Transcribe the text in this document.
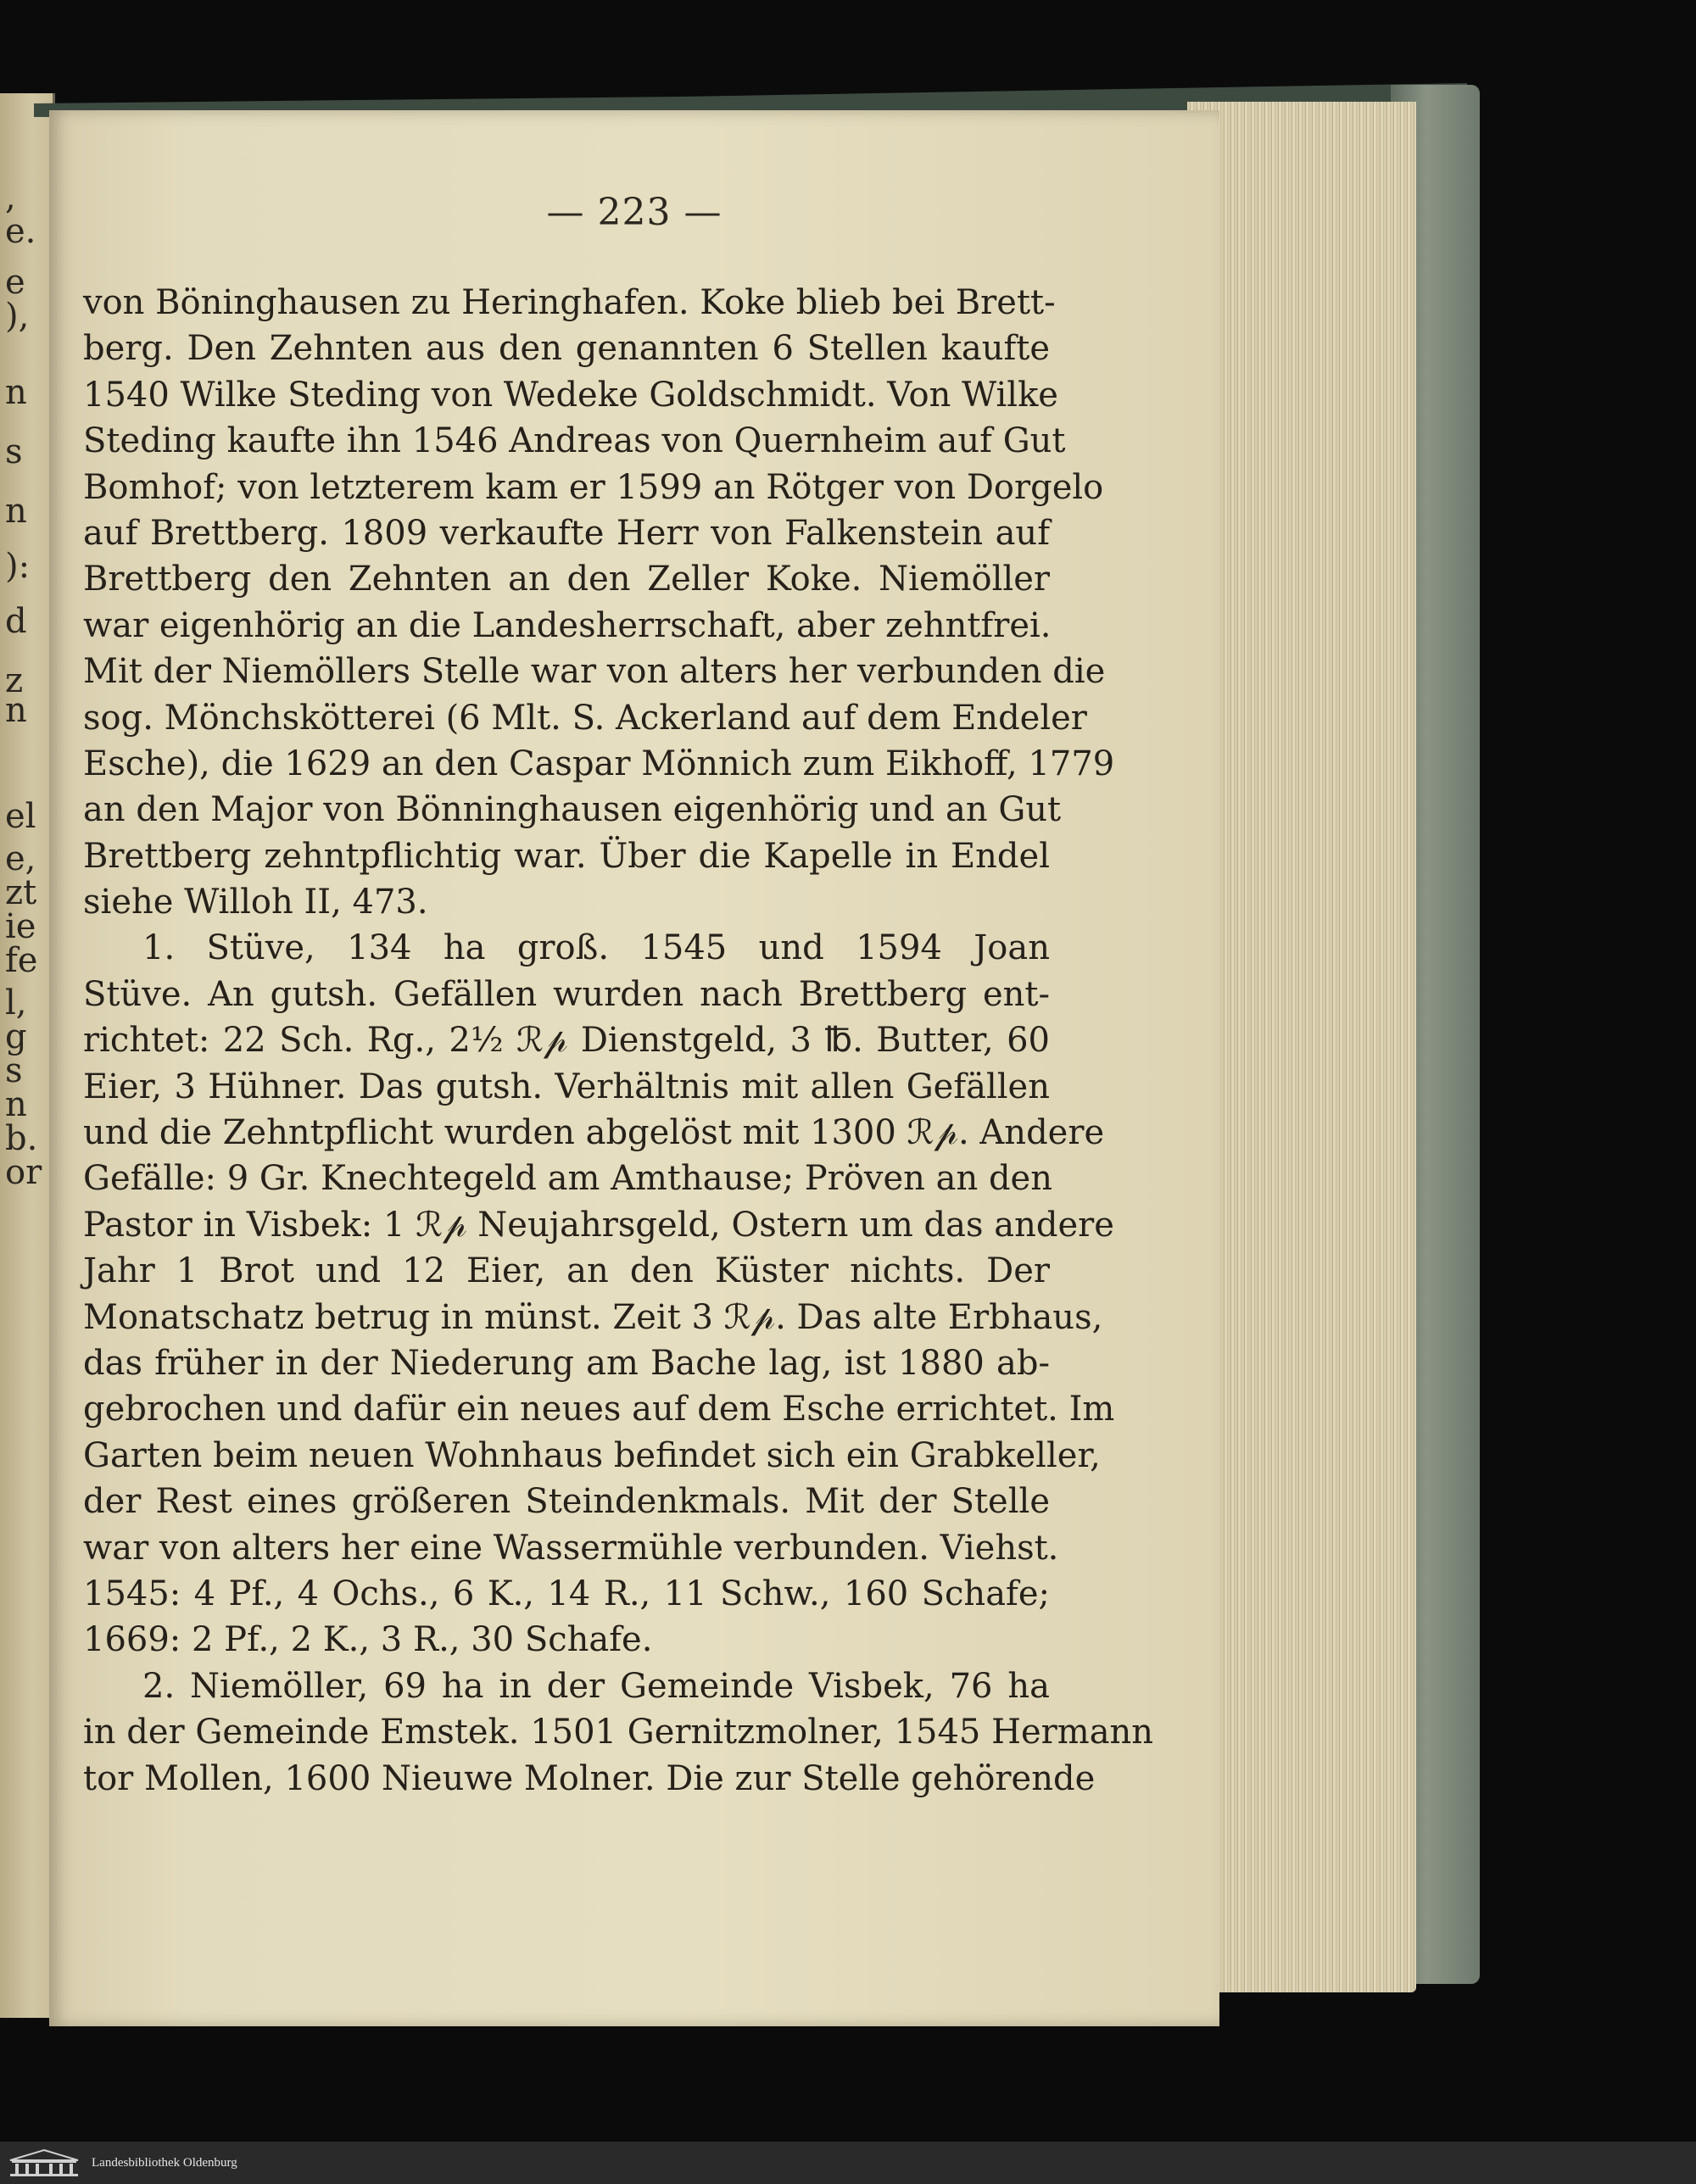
,
e.
e
),
n
s
n
):
d
z
n
el
e,
zt
ie
fe
l,
g
s
n
b.
or
— 223 —
von Böninghausen zu Heringhafen. Koke blieb bei Brett-
berg. Den Zehnten aus den genannten 6 Stellen kaufte
1540 Wilke Steding von Wedeke Goldschmidt. Von Wilke
Steding kaufte ihn 1546 Andreas von Quernheim auf Gut
Bomhof; von letzterem kam er 1599 an Rötger von Dorgelo
auf Brettberg. 1809 verkaufte Herr von Falkenstein auf
Brettberg den Zehnten an den Zeller Koke. Niemöller
war eigenhörig an die Landesherrschaft, aber zehntfrei.
Mit der Niemöllers Stelle war von alters her verbunden die
sog. Mönchskötterei (6 Mlt. S. Ackerland auf dem Endeler
Esche), die 1629 an den Caspar Mönnich zum Eikhoff, 1779
an den Major von Bönninghausen eigenhörig und an Gut
Brettberg zehntpflichtig war. Über die Kapelle in Endel
siehe Willoh II, 473.
1. Stüve, 134 ha groß. 1545 und 1594 Joan
Stüve. An gutsh. Gefällen wurden nach Brettberg ent-
richtet: 22 Sch. Rg., 2½ ℛ𝓅 Dienstgeld, 3 ℔. Butter, 60
Eier, 3 Hühner. Das gutsh. Verhältnis mit allen Gefällen
und die Zehntpflicht wurden abgelöst mit 1300 ℛ𝓅. Andere
Gefälle: 9 Gr. Knechtegeld am Amthause; Pröven an den
Pastor in Visbek: 1 ℛ𝓅 Neujahrsgeld, Ostern um das andere
Jahr 1 Brot und 12 Eier, an den Küster nichts. Der
Monatschatz betrug in münst. Zeit 3 ℛ𝓅. Das alte Erbhaus,
das früher in der Niederung am Bache lag, ist 1880 ab-
gebrochen und dafür ein neues auf dem Esche errichtet. Im
Garten beim neuen Wohnhaus befindet sich ein Grabkeller,
der Rest eines größeren Steindenkmals. Mit der Stelle
war von alters her eine Wassermühle verbunden. Viehst.
1545: 4 Pf., 4 Ochs., 6 K., 14 R., 11 Schw., 160 Schafe;
1669: 2 Pf., 2 K., 3 R., 30 Schafe.
2. Niemöller, 69 ha in der Gemeinde Visbek, 76 ha
in der Gemeinde Emstek. 1501 Gernitzmolner, 1545 Hermann
tor Mollen, 1600 Nieuwe Molner. Die zur Stelle gehörende
Landesbibliothek Oldenburg
